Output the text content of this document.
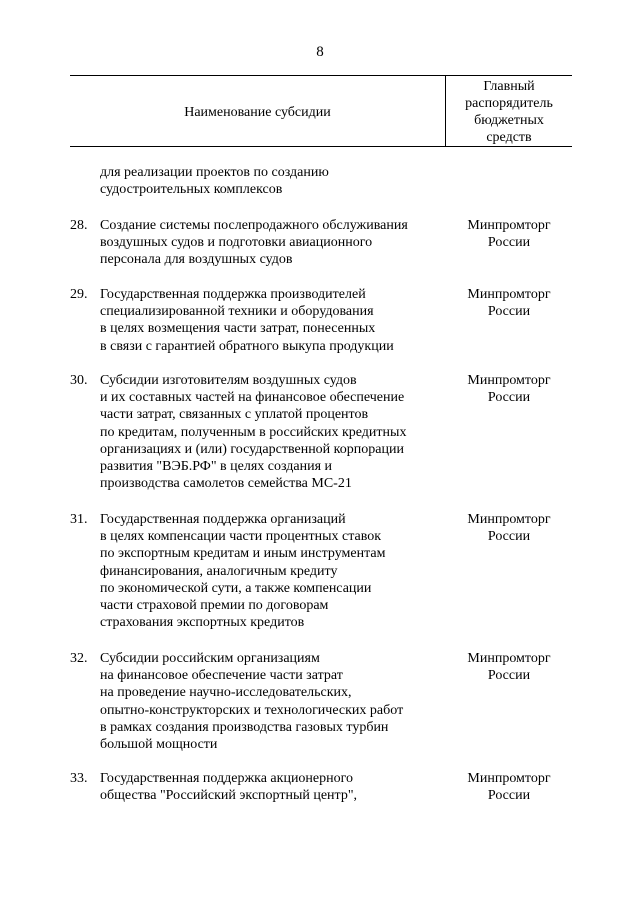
8
Наименование субсидии
Главный
распорядитель
бюджетных
средств
для реализации проектов по созданию
судостроительных комплексов
28. Создание системы послепродажного обслуживания
воздушных судов и подготовки авиационного
персонала для воздушных судов
Минпромторг
России
29. Государственная поддержка производителей
специализированной техники и оборудования
в целях возмещения части затрат, понесенных
в связи с гарантией обратного выкупа продукции
Минпромторг
России
30. Субсидии изготовителям воздушных судов
и их составных частей на финансовое обеспечение
части затрат, связанных с уплатой процентов
по кредитам, полученным в российских кредитных
организациях и (или) государственной корпорации
развития "ВЭБ.РФ" в целях создания и
производства самолетов семейства МС-21
Минпромторг
России
31. Государственная поддержка организаций
в целях компенсации части процентных ставок
по экспортным кредитам и иным инструментам
финансирования, аналогичным кредиту
по экономической сути, а также компенсации
части страховой премии по договорам
страхования экспортных кредитов
Минпромторг
России
32. Субсидии российским организациям
на финансовое обеспечение части затрат
на проведение научно-исследовательских,
опытно-конструкторских и технологических работ
в рамках создания производства газовых турбин
большой мощности
Минпромторг
России
33. Государственная поддержка акционерного
общества "Российский экспортный центр",
Минпромторг
России
